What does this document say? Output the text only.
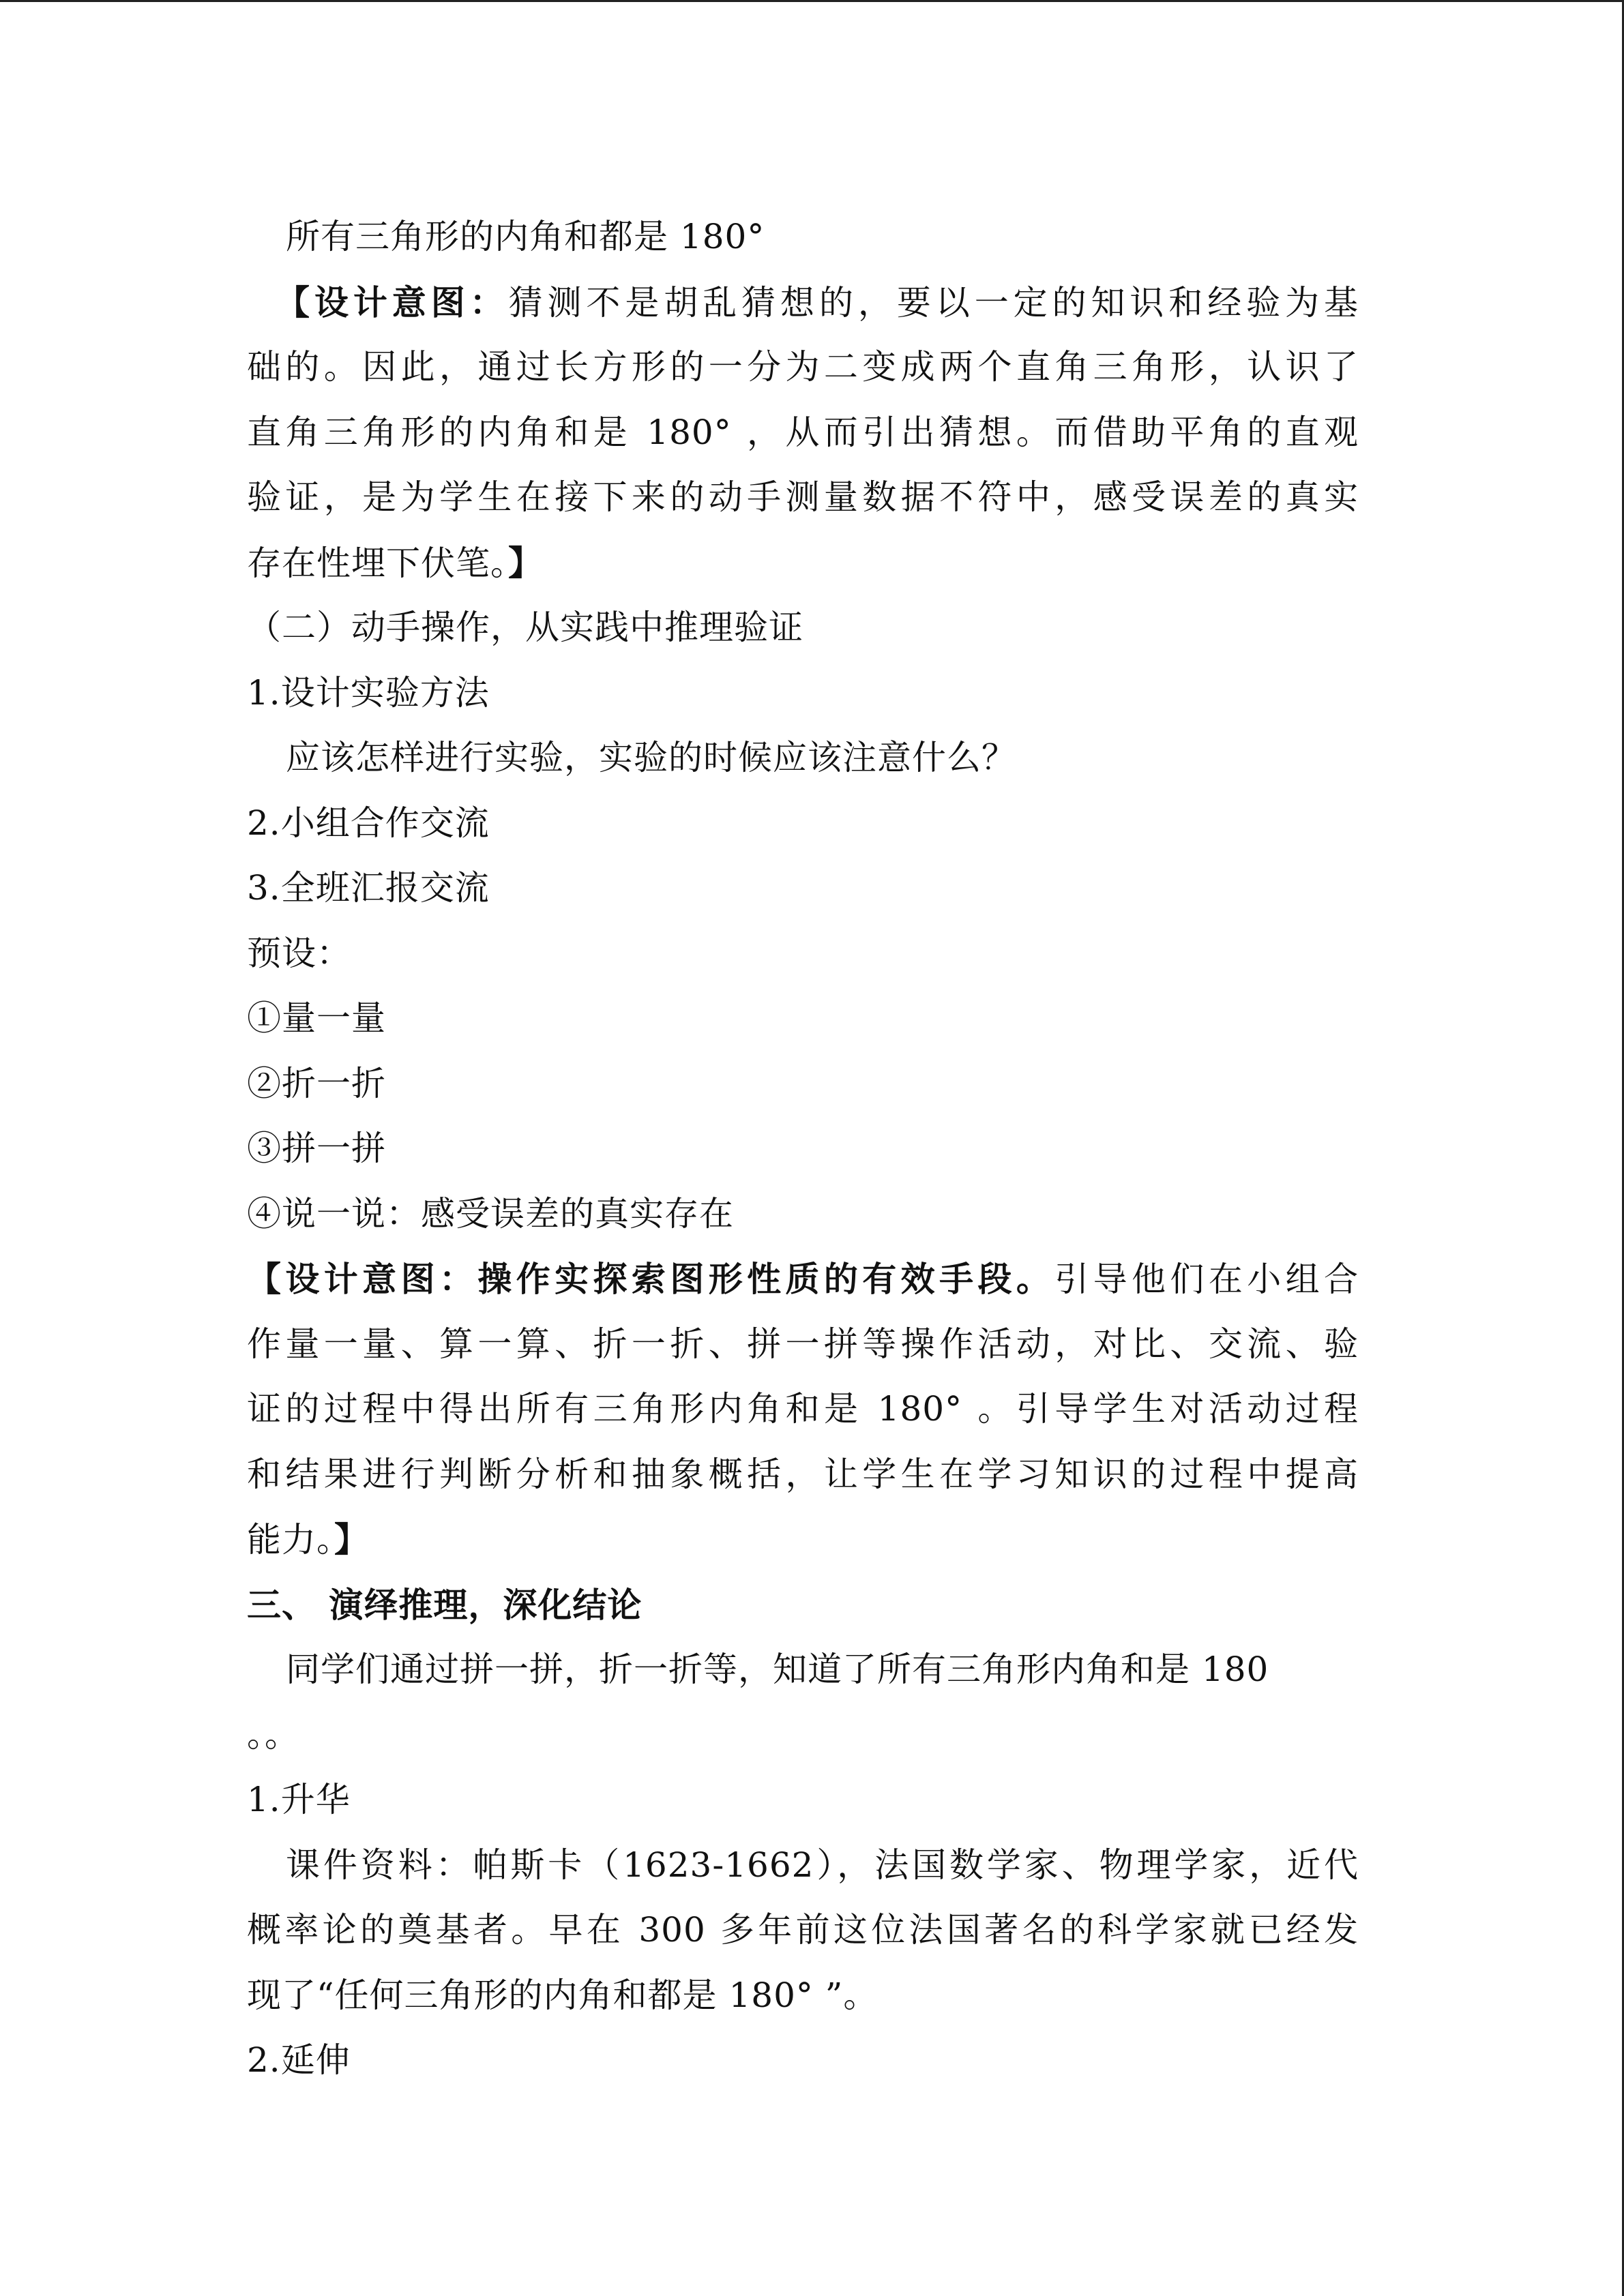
所有三角形的内角和都是 180°
【设计意图：猜测不是胡乱猜想的，要以一定的知识和经验为基
础的。因此，通过长方形的一分为二变成两个直角三角形，认识了
直角三角形的内角和是 180° ，从而引出猜想。而借助平角的直观
验证，是为学生在接下来的动手测量数据不符中，感受误差的真实
存在性埋下伏笔。】
（二）动手操作，从实践中推理验证
1.设计实验方法
应该怎样进行实验，实验的时候应该注意什么？
2.小组合作交流
3.全班汇报交流
预设：
①量一量
②折一折
③拼一拼
④说一说：感受误差的真实存在
【设计意图：操作实探索图形性质的有效手段。引导他们在小组合
作量一量、算一算、折一折、拼一拼等操作活动，对比、交流、验
证的过程中得出所有三角形内角和是 180° 。引导学生对活动过程
和结果进行判断分析和抽象概括，让学生在学习知识的过程中提高
能力。】
三、 演绎推理，深化结论
同学们通过拼一拼，折一折等，知道了所有三角形内角和是 180
。。
1.升华
课件资料：帕斯卡（1623-1662），法国数学家、物理学家，近代
概率论的奠基者。早在 300 多年前这位法国著名的科学家就已经发
现了“任何三角形的内角和都是 180° ”。
2.延伸
